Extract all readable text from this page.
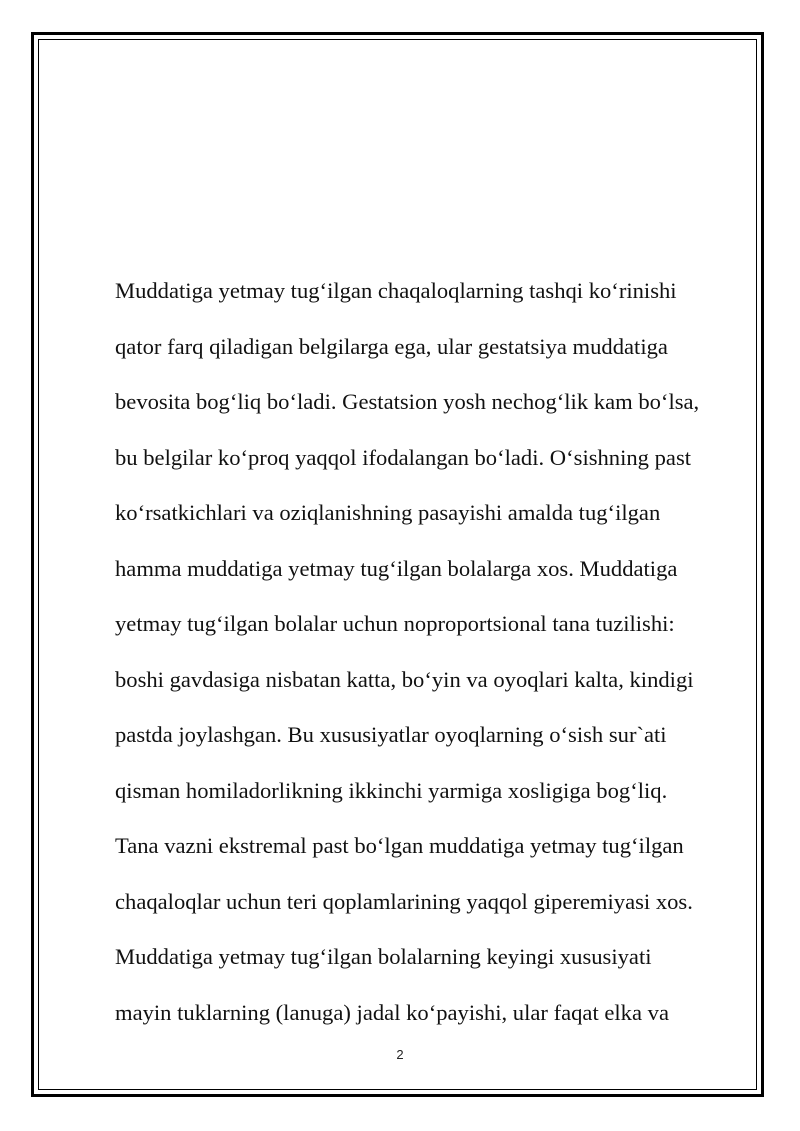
Muddatiga yetmay tug‘ilgan chaqaloqlarning tashqi ko‘rinishi
qator farq qiladigan belgilarga ega, ular gestatsiya muddatiga
bevosita bog‘liq bo‘ladi. Gestatsion yosh nechog‘lik kam bo‘lsa,
bu belgilar ko‘proq yaqqol ifodalangan bo‘ladi. O‘sishning past
ko‘rsatkichlari va oziqlanishning pasayishi amalda tug‘ilgan
hamma muddatiga yetmay tug‘ilgan bolalarga xos. Muddatiga
yetmay tug‘ilgan bolalar uchun noproportsional tana tuzilishi:
boshi gavdasiga nisbatan katta, bo‘yin va oyoqlari kalta, kindigi
pastda joylashgan. Bu xususiyatlar oyoqlarning o‘sish sur`ati
qisman homiladorlikning ikkinchi yarmiga xosligiga bog‘liq.
Tana vazni ekstremal past bo‘lgan muddatiga yetmay tug‘ilgan
chaqaloqlar uchun teri qoplamlarining yaqqol giperemiyasi xos.
Muddatiga yetmay tug‘ilgan bolalarning keyingi xususiyati
mayin tuklarning (lanuga) jadal ko‘payishi, ular faqat elka va
2
